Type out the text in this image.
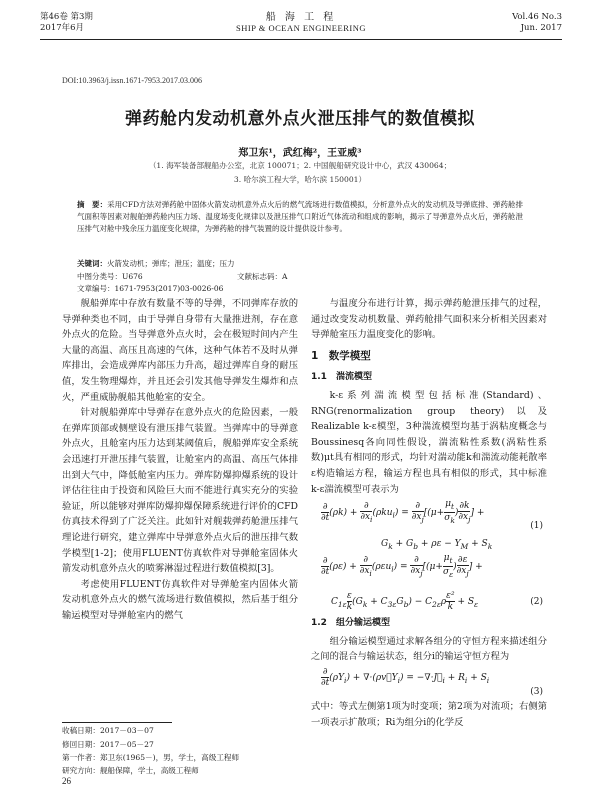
第46卷 第3期
2017年6月
船 海 工 程
SHIP & OCEAN ENGINEERING
Vol.46 No.3
Jun. 2017
DOI:10.3963/j.issn.1671-7953.2017.03.006
弹药舱内发动机意外点火泄压排气的数值模拟
郑卫东¹，武红梅²，王亚威³
（1. 海军装备部舰船办公室，北京 100071；2. 中国舰船研究设计中心，武汉 430064；
3. 哈尔滨工程大学，哈尔滨 150001）
摘　要：采用CFD方法对弹药舱中固体火箭发动机意外点火后的燃气流场进行数值模拟，分析意外点火的发动机及导弹底排、弹药舱排气面积等因素对舰舶弹药舱内压力场、温度场变化规律以及泄压排气口附近气体流动和组成的影响，揭示了导弹意外点火后，弹药舱泄压排气对舱中残余压力温度变化规律，为弹药舱的排气装置的设计提供设计参考。
关键词：火箭发动机；弹库；泄压；温度；压力
中图分类号：U676	文献标志码：A文章编号：1671-7953(2017)03-0026-06

舰船弹库中存放有数量不等的导弹，不同弹库存放的导弹种类也不同，由于导弹自身带有大量推进剂，存在意外点火的危险。当导弹意外点火时，会在极短时间内产生大量的高温、高压且高速的气体，这种气体若不及时从弹库排出，会造成弹库内部压力升高，超过弹库自身的耐压值，发生物理爆炸，并且还会引发其他导弹发生爆炸和点火，严重威胁舰船其他舱室的安全。

针对舰船弹库中导弹存在意外点火的危险因素，一般在弹库顶部或侧壁设有泄压排气装置。当弹库中的导弹意外点火，且舱室内压力达到某阈值后，舰船弹库安全系统会迅速打开泄压排气装置，让舱室内的高温、高压气体排出到大气中，降低舱室内压力。弹库防爆抑爆系统的设计评估往往由于投资和风险巨大而不能进行真实充分的实验验证，所以能够对弹库防爆抑爆保障系统进行评价的CFD仿真技术得到了广泛关注。此如针对舰载弹药舱泄压排气理论进行研究，建立弹库中导弹意外点火后的泄压排气数学模型[1-2]；使用FLUENT仿真软件对导弹舱室固体火箭发动机意外点火的喷雾淋湿过程进行数值模拟[3]。

考虑使用FLUENT仿真软件对导弹舱室内固体火箭发动机意外点火的燃气流场进行数值模拟，然后基于组分输运模型对导弹舱室内的燃气

与温度分布进行计算，揭示弹药舱泄压排气的过程，通过改变发动机数量、弹药舱排气面积来分析相关因素对导弹舱室压力温度变化的影响。

1　数学模型
1.1　湍流模型

k-ε系列湍流模型包括标准(Standard)、RNG(renormalization group theory)以及Realizable k-ε模型，3种湍流模型均基于涡粘度概念与Boussinesq各向同性假设，湍流粘性系数(涡粘性系数)μt具有相同的形式，均针对湍动能k和湍流动能耗散率ε构造输运方程，输运方程也具有相似的形式，其中标准k-ε湍流模型可表示为

$\frac{\partial}{\partial t} (\rho k) + \frac{\partial}{\partial x_i} (\rho ku_i) = \frac{\partial}{\partial x_j} [(\mu+ \frac{\mu_t}{\sigma_k}$ ) $\frac{\partial k}{\partial x_j}$ ] +
(1)
$G_k + G_b + \rho\varepsilon - Y_M + S_k$
$\frac{\partial}{\partial t} (\rho\varepsilon) + \frac{\partial}{\partial x_i} (\rho\varepsilon u_i) = \frac{\partial}{\partial x_j} [(\mu+ \frac{\mu_t}{\sigma_\varepsilon}$ ) $\frac{\partial\varepsilon}{\partial x_j}$ ] +
$C_{1\varepsilon} \frac{\varepsilon}{k} (G_k + C_{3\varepsilon}G_b) - C_{2\varepsilon}\rho \frac{\text{ε²}}{k} + S_\varepsilon$	(2)
1.2　组分输运模型

组分输运模型通过求解各组分的守恒方程来描述组分之间的混合与输运状态，组分i的输运守恒方程为

$\frac{\partial}{\partial t} (\rho Y_i)$ + $\nabla\cdot(\rho v⃗Y_i)$ = $-\nabla\cdot J⃗_i + R_i + S_i$
(3)

式中：等式左侧第1项为时变项；第2项为对流项；右侧第一项表示扩散项；Ri为组分i的化学反

收稿日期：2017－03－07
修回日期：2017－05－27
第一作者：郑卫东(1965－)，男，学士，高级工程师
研究方向：舰船保障，学士，高级工程师
26
